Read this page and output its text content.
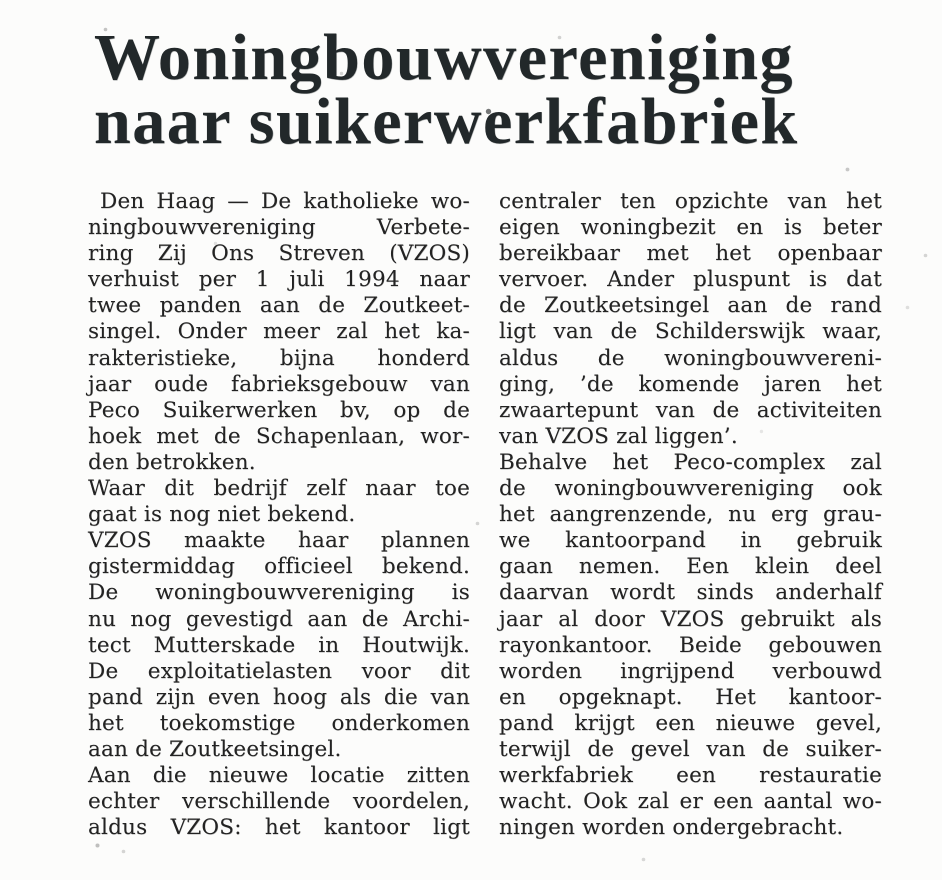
Woningbouwvereniging
naar suikerwerkfabriek
Den Haag — De katholieke wo-
ningbouwvereniging Verbete-
ring Zij Ons Streven (VZOS)
verhuist per 1 juli 1994 naar
twee panden aan de Zoutkeet-
singel. Onder meer zal het ka-
rakteristieke, bijna honderd
jaar oude fabrieksgebouw van
Peco Suikerwerken bv, op de
hoek met de Schapenlaan, wor-
den betrokken.
Waar dit bedrijf zelf naar toe
gaat is nog niet bekend.
VZOS maakte haar plannen
gistermiddag officieel bekend.
De woningbouwvereniging is
nu nog gevestigd aan de Archi-
tect Mutterskade in Houtwijk.
De exploitatielasten voor dit
pand zijn even hoog als die van
het toekomstige onderkomen
aan de Zoutkeetsingel.
Aan die nieuwe locatie zitten
echter verschillende voordelen,
aldus VZOS: het kantoor ligt
centraler ten opzichte van het
eigen woningbezit en is beter
bereikbaar met het openbaar
vervoer. Ander pluspunt is dat
de Zoutkeetsingel aan de rand
ligt van de Schilderswijk waar,
aldus de woningbouwvereni-
ging, ’de komende jaren het
zwaartepunt van de activiteiten
van VZOS zal liggen’.
Behalve het Peco-complex zal
de woningbouwvereniging ook
het aangrenzende, nu erg grau-
we kantoorpand in gebruik
gaan nemen. Een klein deel
daarvan wordt sinds anderhalf
jaar al door VZOS gebruikt als
rayonkantoor. Beide gebouwen
worden ingrijpend verbouwd
en opgeknapt. Het kantoor-
pand krijgt een nieuwe gevel,
terwijl de gevel van de suiker-
werkfabriek een restauratie
wacht. Ook zal er een aantal wo-
ningen worden ondergebracht.
